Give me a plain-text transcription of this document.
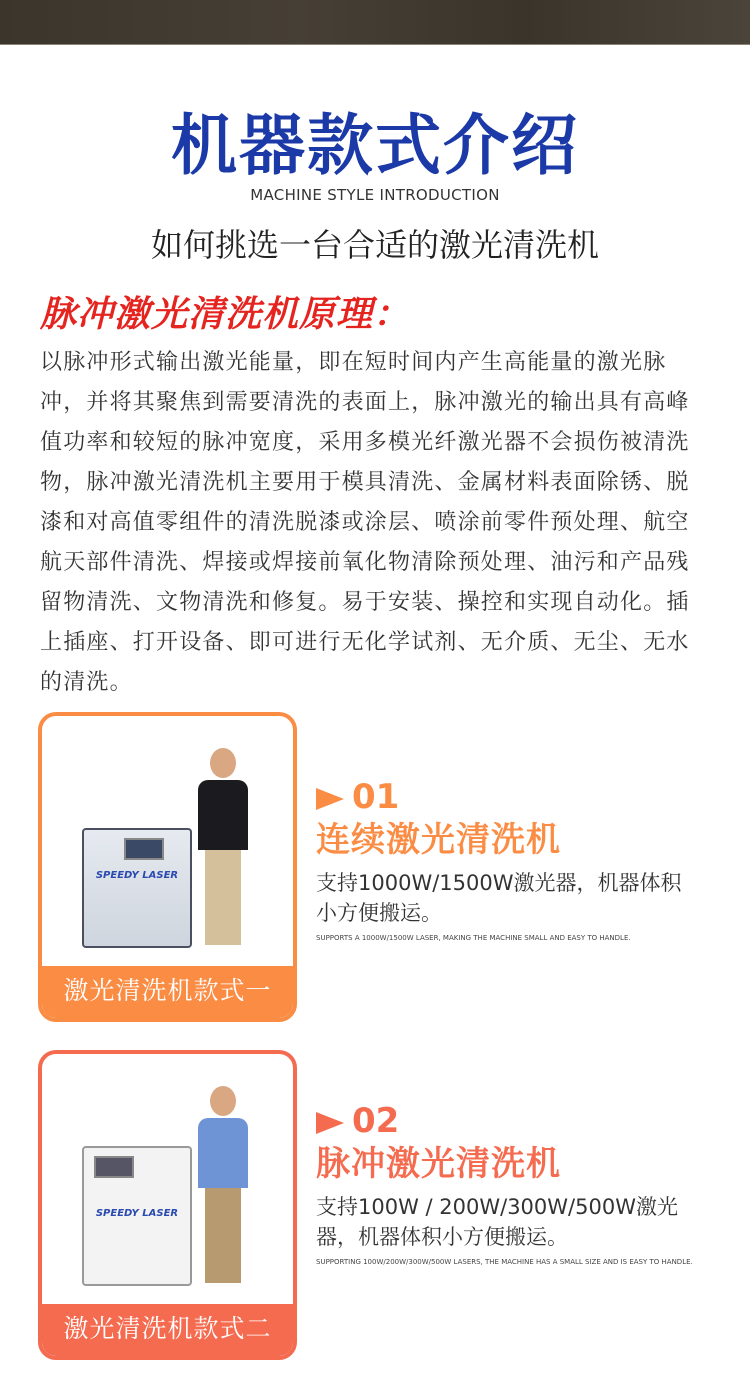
机器款式介绍
MACHINE STYLE INTRODUCTION
如何挑选一台合适的激光清洗机
脉冲激光清洗机原理：
以脉冲形式输出激光能量，即在短时间内产生高能量的激光脉
冲，并将其聚焦到需要清洗的表面上，脉冲激光的输出具有高峰
值功率和较短的脉冲宽度，采用多模光纤激光器不会损伤被清洗
物，脉冲激光清洗机主要用于模具清洗、金属材料表面除锈、脱
漆和对高值零组件的清洗脱漆或涂层、喷涂前零件预处理、航空
航天部件清洗、焊接或焊接前氧化物清除预处理、油污和产品残
留物清洗、文物清洗和修复。易于安装、操控和实现自动化。插
上插座、打开设备、即可进行无化学试剂、无介质、无尘、无水
的清洗。
SPEEDY LASER
激光清洗机款式一
01
连续激光清洗机
支持1000W/1500W激光器，机器体积
小方便搬运。
SUPPORTS A 1000W/1500W LASER, MAKING THE MACHINE SMALL AND EASY TO HANDLE.
SPEEDY LASER
激光清洗机款式二
02
脉冲激光清洗机
支持100W / 200W/300W/500W激光
器，机器体积小方便搬运。
SUPPORTING 100W/200W/300W/500W LASERS, THE MACHINE HAS A SMALL SIZE AND IS EASY TO HANDLE.
